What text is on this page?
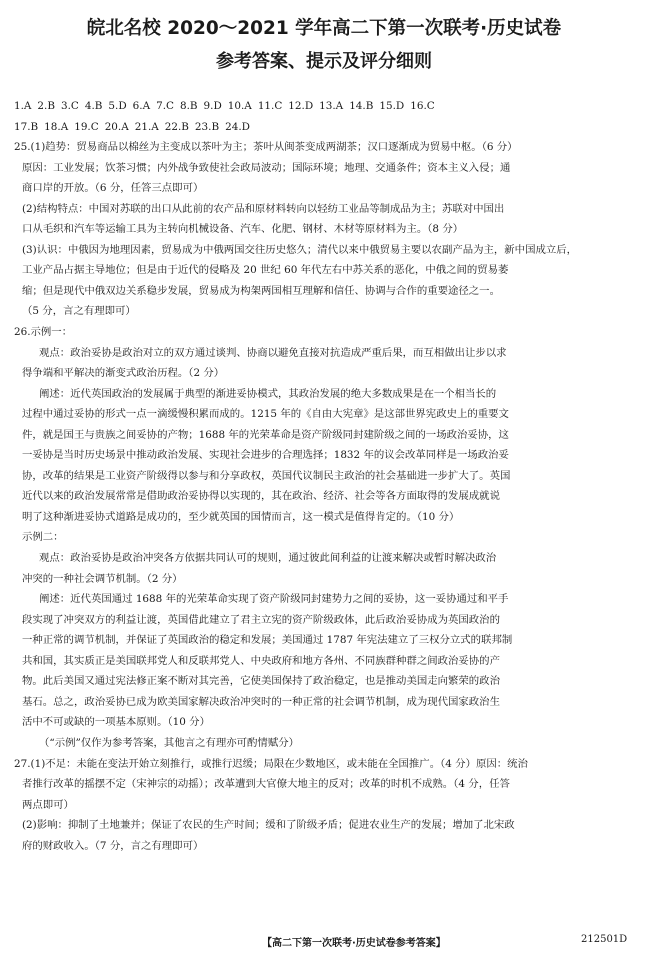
皖北名校 2020～2021 学年高二下第一次联考·历史试卷
参考答案、提示及评分细则
1.A 2.B 3.C 4.B 5.D 6.A 7.C 8.B 9.D 10.A 11.C 12.D 13.A 14.B 15.D 16.C
17.B 18.A 19.C 20.A 21.A 22.B 23.B 24.D
25.(1)趋势：贸易商品以棉丝为主变成以茶叶为主；茶叶从闽茶变成两湖茶；汉口逐渐成为贸易中枢。（6 分）
原因：工业发展；饮茶习惯；内外战争致使社会政局波动；国际环境；地理、交通条件；资本主义入侵；通
商口岸的开放。（6 分，任答三点即可）
(2)结构特点：中国对苏联的出口从此前的农产品和原材料转向以轻纺工业品等制成品为主；苏联对中国出
口从毛织和汽车等运输工具为主转向机械设备、汽车、化肥、钢材、木材等原材料为主。（8 分）
(3)认识：中俄因为地理因素，贸易成为中俄两国交往历史悠久；清代以来中俄贸易主要以农副产品为主，新中国成立后，
工业产品占据主导地位；但是由于近代的侵略及 20 世纪 60 年代左右中苏关系的恶化，中俄之间的贸易萎
缩；但是现代中俄双边关系稳步发展，贸易成为构架两国相互理解和信任、协调与合作的重要途径之一。
（5 分，言之有理即可）
26.示例一：
观点：政治妥协是政治对立的双方通过谈判、协商以避免直接对抗造成严重后果，而互相做出让步以求
得争端和平解决的渐变式政治历程。（2 分）
阐述：近代英国政治的发展属于典型的渐进妥协模式，其政治发展的绝大多数成果是在一个相当长的
过程中通过妥协的形式一点一滴缓慢积累而成的。1215 年的《自由大宪章》是这部世界宪政史上的重要文
件，就是国王与贵族之间妥协的产物；1688 年的光荣革命是资产阶级同封建阶级之间的一场政治妥协，这
一妥协是当时历史场景中推动政治发展、实现社会进步的合理选择；1832 年的议会改革同样是一场政治妥
协，改革的结果是工业资产阶级得以参与和分享政权，英国代议制民主政治的社会基础进一步扩大了。英国
近代以来的政治发展常常是借助政治妥协得以实现的，其在政治、经济、社会等各方面取得的发展成就说
明了这种渐进妥协式道路是成功的，至少就英国的国情而言，这一模式是值得肯定的。（10 分）
示例二：
观点：政治妥协是政治冲突各方依据共同认可的规则，通过彼此间利益的让渡来解决或暂时解决政治
冲突的一种社会调节机制。（2 分）
阐述：近代英国通过 1688 年的光荣革命实现了资产阶级同封建势力之间的妥协，这一妥协通过和平手
段实现了冲突双方的利益让渡，英国借此建立了君主立宪的资产阶级政体，此后政治妥协成为英国政治的
一种正常的调节机制，并保证了英国政治的稳定和发展；美国通过 1787 年宪法建立了三权分立式的联邦制
共和国，其实质正是美国联邦党人和反联邦党人、中央政府和地方各州、不同族群种群之间政治妥协的产
物。此后美国又通过宪法修正案不断对其完善，它使美国保持了政治稳定，也是推动美国走向繁荣的政治
基石。总之，政治妥协已成为欧美国家解决政治冲突时的一种正常的社会调节机制，成为现代国家政治生
活中不可或缺的一项基本原则。（10 分）
（“示例”仅作为参考答案，其他言之有理亦可酌情赋分）
27.(1)不足：未能在变法开始立刻推行，或推行迟缓；局限在少数地区，或未能在全国推广。（4 分）原因：统治
者推行改革的摇摆不定（宋神宗的动摇）；改革遭到大官僚大地主的反对；改革的时机不成熟。（4 分，任答
两点即可）
(2)影响：抑制了土地兼并；保证了农民的生产时间；缓和了阶级矛盾；促进农业生产的发展；增加了北宋政
府的财政收入。（7 分，言之有理即可）
【高二下第一次联考·历史试卷参考答案】	212501D
